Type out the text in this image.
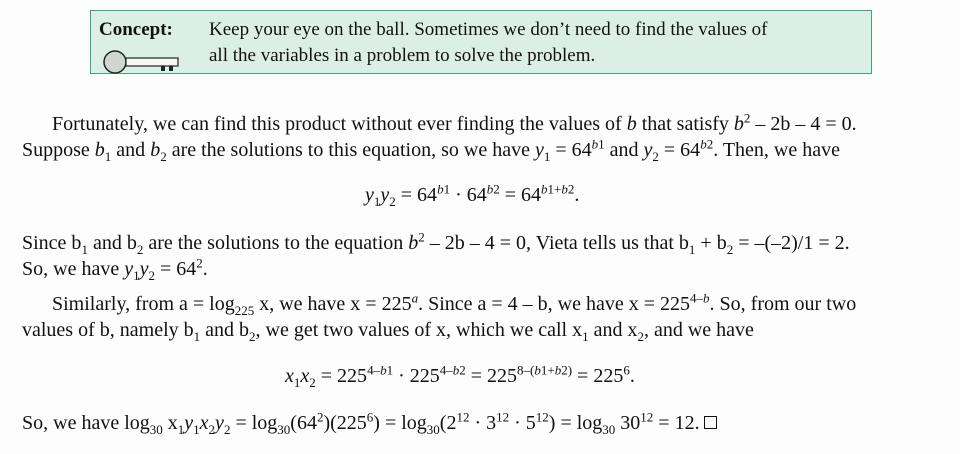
Concept: Keep your eye on the ball. Sometimes we don’t need to find the values of
all the variables in a problem to solve the problem.
Fortunately, we can find this product without ever finding the values of b that satisfy $b^2 - 2b - 4 = 0$.
Suppose $b_1$ and $b_2$ are the solutions to this equation, so we have $y_1 = 64^{b1}$ and $y_2 = 64^{b2}$. Then, we have
$y_1y_2 = 64^{b1} \cdot 64^{b2} = 64^{b1+b2}$.
Since $b_1$ and $b_2$ are the solutions to the equation $b^2 - 2b - 4 = 0$, Vieta tells us that $b_1 + b_2 = -(-2)/1 = 2$.
So, we have $y_1y_2 = 64^2$.
Similarly, from $a = \log_{225} x$, we have $x = 225^a$. Since a = 4 – b, we have $x = 225^{4-b}$. So, from our two
values of b, namely $b_1$ and $b_2$, we get two values of x, which we call $x_1$ and $x_2$, and we have
$x_1x_2 = 225^{4-b1} \cdot 225^{4-b2} = 225^{8-(b1+b2)} = 225^6$.
So, we have $\log_{30} x_1y_1x_2y_2 = \log_{30}(64^2)(225^6) = \log_{30}(2^{12} \cdot 3^{12} \cdot 5^{12}) = \log_{30} 30^{12} = 12$.
